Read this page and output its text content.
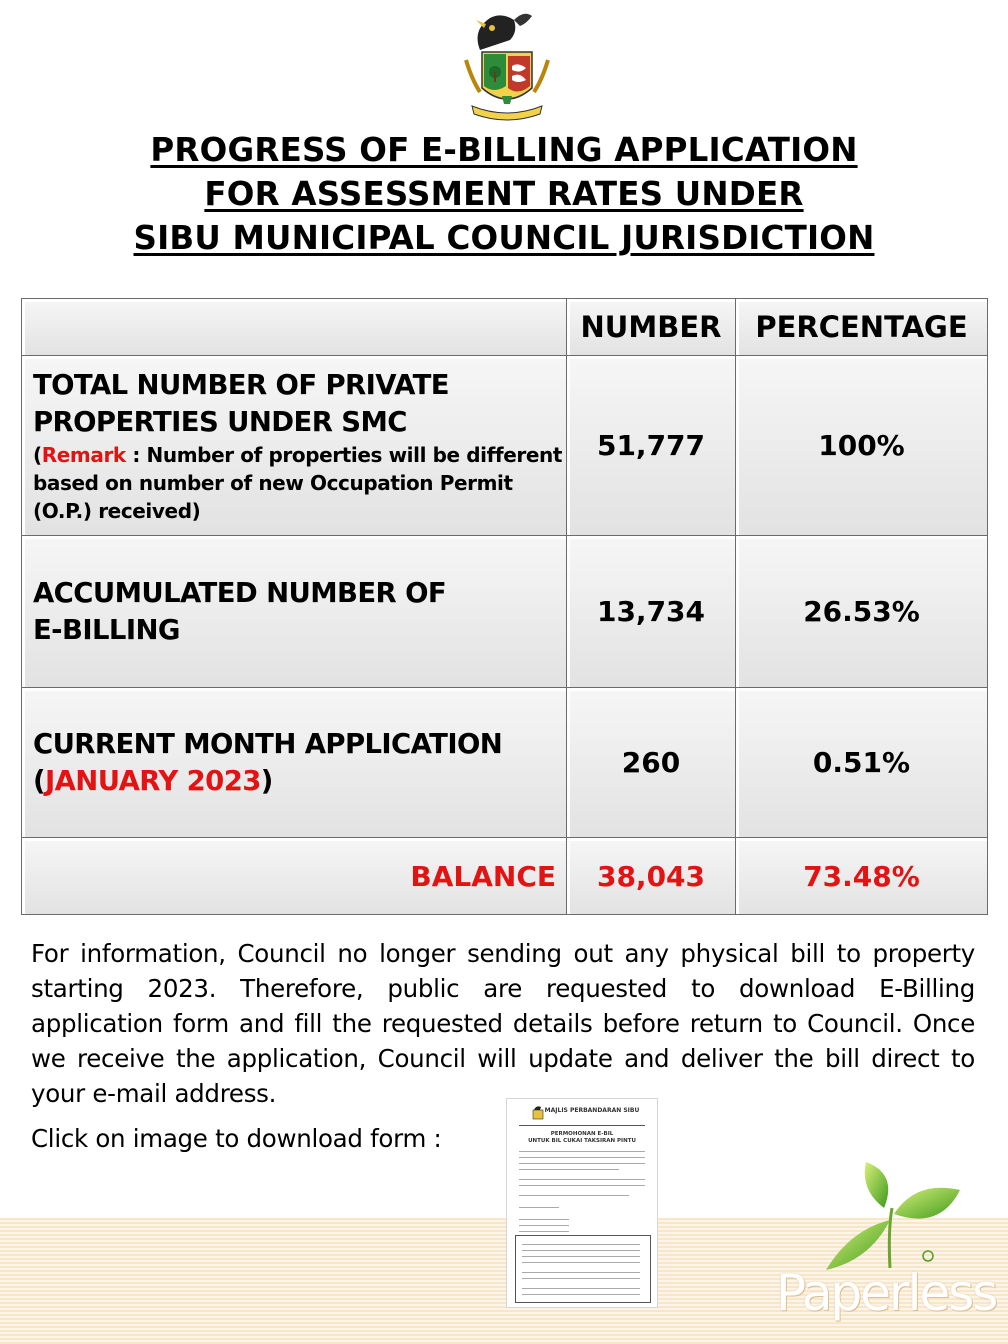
PROGRESS OF E-BILLING APPLICATION
FOR ASSESSMENT RATES UNDER
SIBU MUNICIPAL COUNCIL JURISDICTION
	NUMBER	PERCENTAGE

TOTAL NUMBER OF PRIVATE
PROPERTIES UNDER SMC
(Remark : Number of properties will be different based on number of new Occupation Permit (O.P.) received)	51,777	100%

ACCUMULATED NUMBER OF
E-BILLING	13,734	26.53%

CURRENT MONTH APPLICATION
(JANUARY 2023)	260	0.51%
BALANCE	38,043	73.48%
For information, Council no longer sending out any physical bill to property starting 2023. Therefore, public are requested to download E-Billing application form and fill the requested details before return to Council. Once we receive the application, Council will update and deliver the bill direct to your e-mail address.
Click on image to download form :
MAJLIS PERBANDARAN SIBU
PERMOHONAN E-BIL
UNTUK BIL CUKAI TAKSIRAN PINTU
Paperless
